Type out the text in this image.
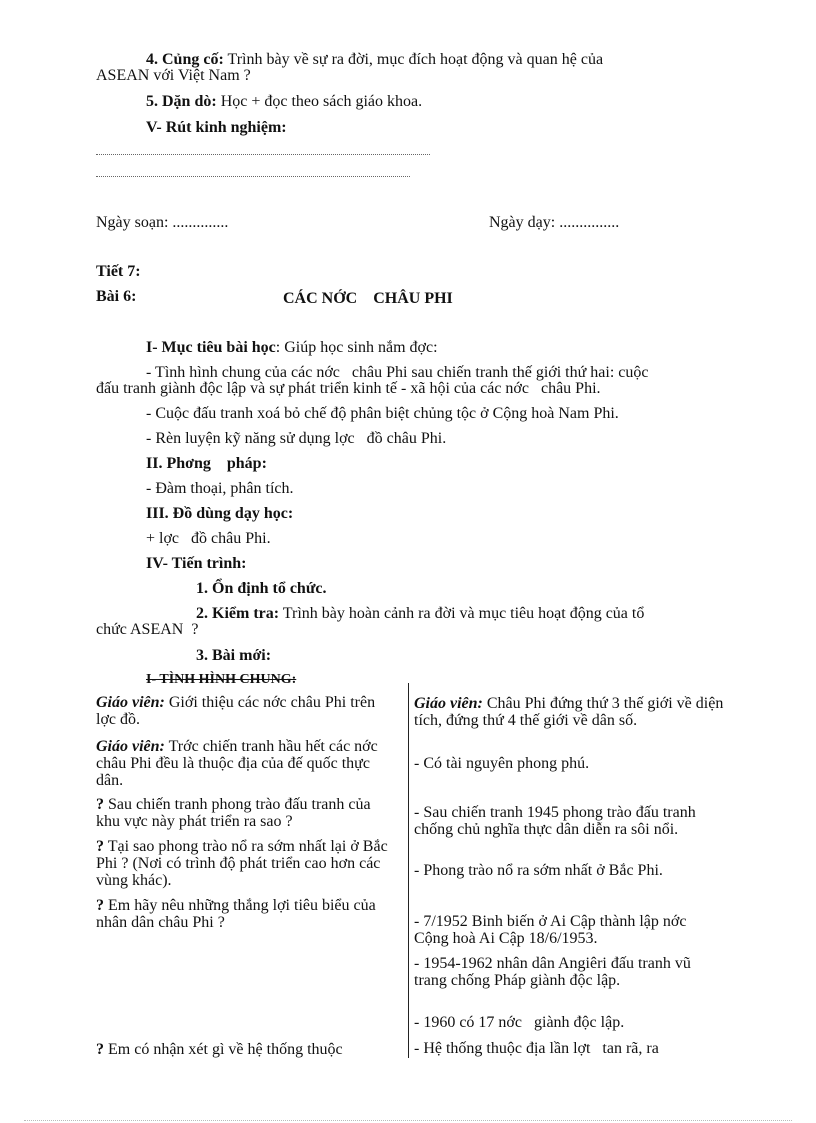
4. Củng cố: Trình bày về sự ra đời, mục đích hoạt động và quan hệ của
ASEAN với Việt Nam ?
5. Dặn dò: Học + đọc theo sách giáo khoa.
V- Rút kinh nghiệm:
Ngày soạn: ..............	Ngày dạy: ...............
Tiết 7:
Bài 6:	CÁC NỚC    CHÂU PHI
I- Mục tiêu bài học: Giúp học sinh nắm đợc:
- Tình hình chung của các nớc   châu Phi sau chiến tranh thế giới thứ hai: cuộc
đấu tranh giành độc lập và sự phát triển kinh tế - xã hội của các nớc   châu Phi.
- Cuộc đấu tranh xoá bỏ chế độ phân biệt chủng tộc ở Cộng hoà Nam Phi.
- Rèn luyện kỹ năng sử dụng lợc   đồ châu Phi.
II. Phơng    pháp:
- Đàm thoại, phân tích.
III. Đồ dùng dạy học:
+ lợc   đồ châu Phi.
IV- Tiến trình:
1. Ổn định tổ chức.
2. Kiểm tra: Trình bày hoàn cảnh ra đời và mục tiêu hoạt động của tổ
chức ASEAN  ?
3. Bài mới:
I- TÌNH HÌNH CHUNG:
Giáo viên: Giới thiệu các nớc châu Phi trên lợc đồ.
Giáo viên: Trớc chiến tranh hầu hết các nớc châu Phi đều là thuộc địa của đế quốc thực dân.
? Sau chiến tranh phong trào đấu tranh của khu vực này phát triển ra sao ?
? Tại sao phong trào nổ ra sớm nhất lại ở Bắc Phi ? (Nơi có trình độ phát triển cao hơn các vùng khác).
? Em hãy nêu những thắng lợi tiêu biểu của nhân dân châu Phi ?
? Em có nhận xét gì về hệ thống thuộc
Giáo viên: Châu Phi đứng thứ 3 thế giới về diện tích, đứng thứ 4 thế giới về dân số.
- Có tài nguyên phong phú.
- Sau chiến tranh 1945 phong trào đấu tranh chống chủ nghĩa thực dân diễn ra sôi nổi.
- Phong trào nổ ra sớm nhất ở Bắc Phi.
- 7/1952 Binh biến ở Ai Cập thành lập nớc   Cộng hoà Ai Cập 18/6/1953.
- 1954-1962 nhân dân Angiêri đấu tranh vũ trang chống Pháp giành độc lập.
- 1960 có 17 nớc   giành độc lập.
- Hệ thống thuộc địa lần lợt   tan rã, ra
